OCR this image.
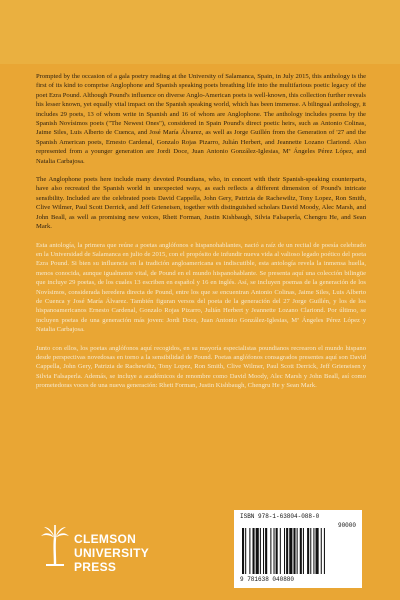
Prompted by the occasion of a gala poetry reading at the University of Salamanca, Spain, in July 2015, this anthology is the first of its kind to comprise Anglophone and Spanish speaking poets breathing life into the multifarious poetic legacy of the poet Ezra Pound. Although Pound's influence on diverse Anglo-American poets is well-known, this collection further reveals his lesser known, yet equally vital impact on the Spanish speaking world, which has been immense. A bilingual anthology, it includes 29 poets, 13 of whom write in Spanish and 16 of whom are Anglophone. The anthology includes poems by the Spanish Novísimos poets ("The Newest Ones"), considered in Spain Pound's direct poetic heirs, such as Antonio Colinas, Jaime Siles, Luis Alberto de Cuenca, and José María Álvarez, as well as Jorge Guillén from the Generation of '27 and the Spanish American poets, Ernesto Cardenal, Gonzalo Rojas Pizarro, Julián Herbert, and Jeannette Lozano Clariond. Also represented from a younger generation are Jordi Doce, Juan Antonio González-Iglesias, Mª Ángeles Pérez López, and Natalia Carbajosa.

The Anglophone poets here include many devoted Poundians, who, in concert with their Spanish-speaking counterparts, have also recreated the Spanish world in unexpected ways, as each reflects a different dimension of Pound's intricate sensibility. Included are the celebrated poets David Cappella, John Gery, Patrizia de Rachewiltz, Tony Lopez, Ron Smith, Clive Wilmer, Paul Scott Derrick, and Jeff Grieneisen, together with distinguished scholars David Moody, Alec Marsh, and John Beall, as well as promising new voices, Rhett Forman, Justin Kishbaugh, Silvia Falsaperla, Chengru He, and Sean Mark.

Esta antología, la primera que reúne a poetas anglófonos e hispanohablantes, nació a raíz de un recital de poesía celebrado en la Universidad de Salamanca en julio de 2015, con el propósito de infundir nueva vida al valioso legado poético del poeta Ezra Pound. Si bien su influencia en la tradición angloamericana es indiscutible, esta antología revela la inmensa huella, menos conocida, aunque igualmente vital, de Pound en el mundo hispanohablante. Se presenta aquí una colección bilingüe que incluye 29 poetas, de los cuales 13 escriben en español y 16 en inglés. Así, se incluyen poemas de la generación de los Novísimos, considerada heredera directa de Pound, entre los que se encuentran Antonio Colinas, Jaime Siles, Luis Alberto de Cuenca y José María Álvarez. También figuran versos del poeta de la generación del 27 Jorge Guillén, y los de los hispanoamericanos Ernesto Cardenal, Gonzalo Rojas Pizarro, Julián Herbert y Jeannette Lozano Clariond. Por último, se incluyen poetas de una generación más joven: Jordi Doce, Juan Antonio González-Iglesias, Mª Ángeles Pérez López y Natalia Carbajosa.

Junto con ellos, los poetas anglófonos aquí recogidos, en su mayoría especialistas poundianos recrearon el mundo hispano desde perspectivas novedosas en torno a la sensibilidad de Pound. Poetas anglófonos consagrados presentes aquí son David Cappella, John Gery, Patrizia de Rachewiltz, Tony Lopez, Ron Smith, Clive Wilmer, Paul Scott Derrick, Jeff Grieneisen y Silvia Falsaperla. Además, se incluye a académicos de renombre como David Moody, Alec Marsh y John Beall, así como prometedoras voces de una nueva generación: Rhett Forman, Justin Kishbaugh, Chengru He y Sean Mark.

CLEMSON
UNIVERSITY
PRESS
ISBN 978-1-63804-088-0
90000
9 781638 040880
